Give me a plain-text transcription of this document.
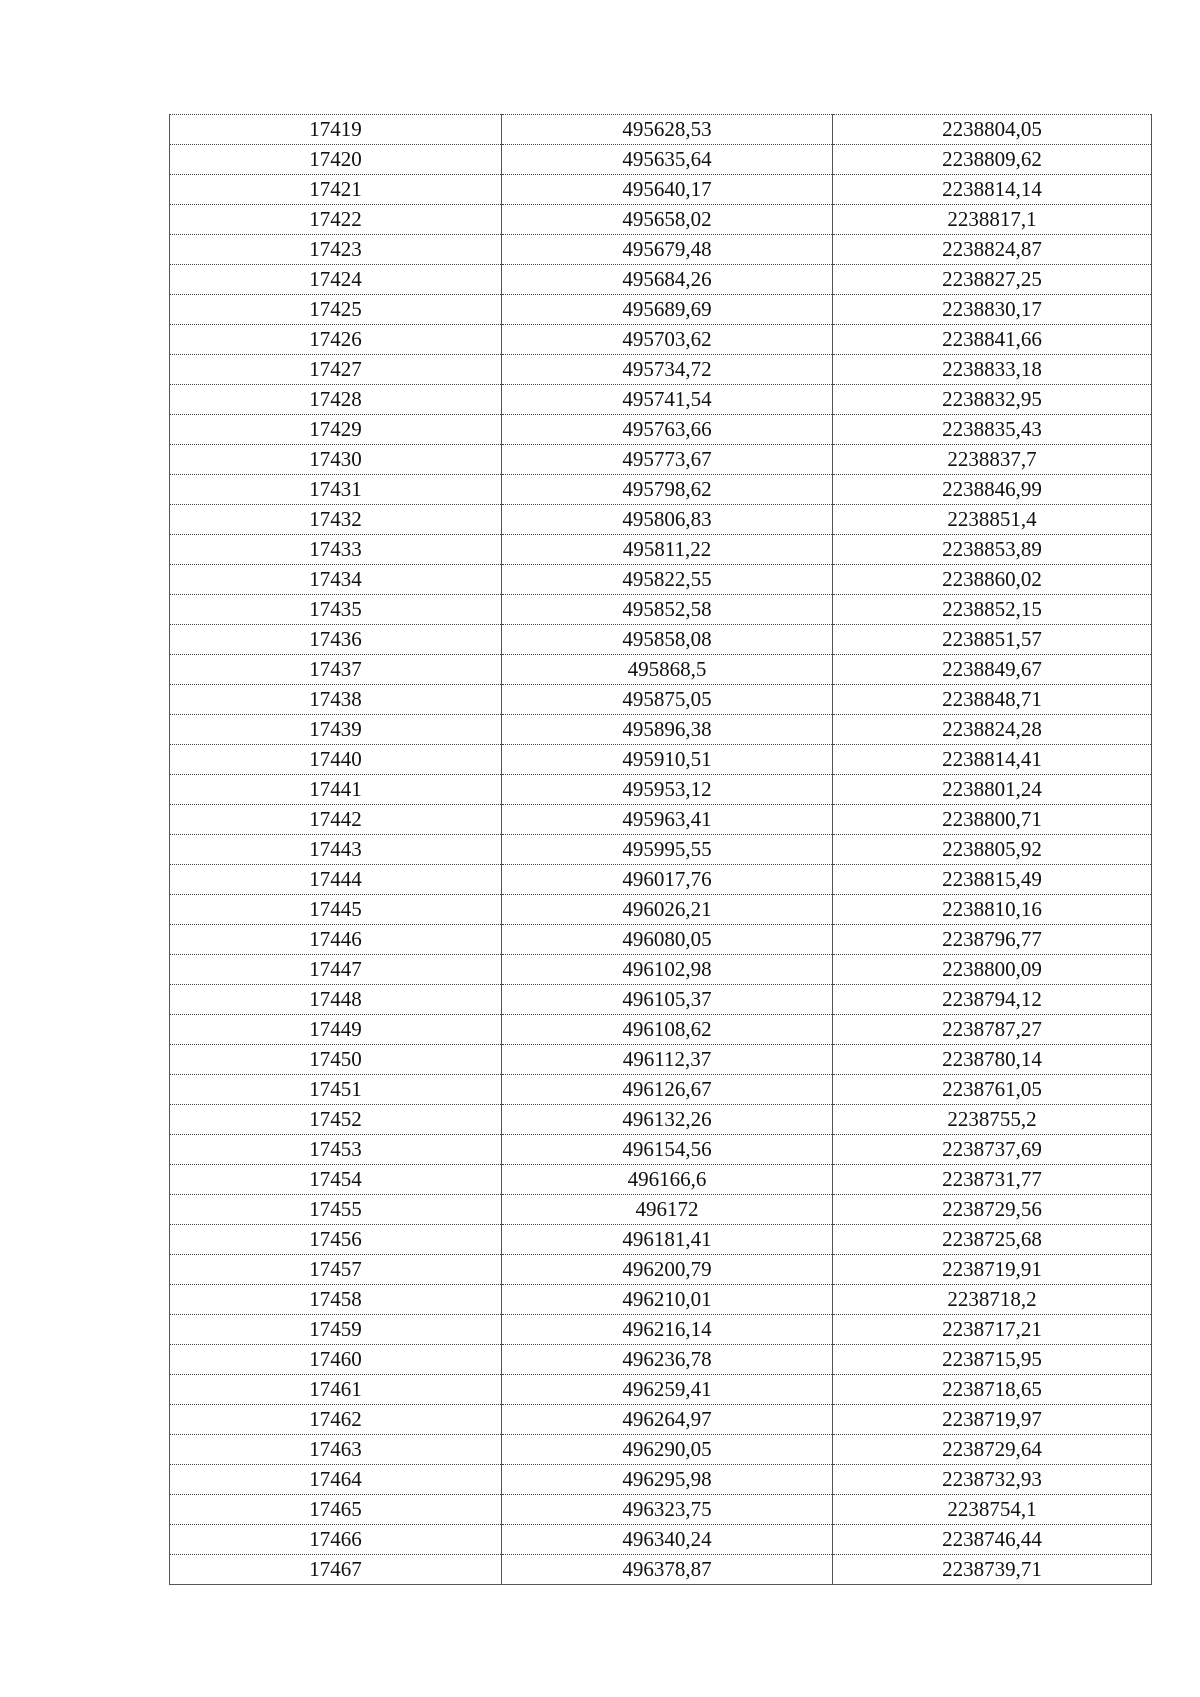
17419	495628,53	2238804,05
17420	495635,64	2238809,62
17421	495640,17	2238814,14
17422	495658,02	2238817,1
17423	495679,48	2238824,87
17424	495684,26	2238827,25
17425	495689,69	2238830,17
17426	495703,62	2238841,66
17427	495734,72	2238833,18
17428	495741,54	2238832,95
17429	495763,66	2238835,43
17430	495773,67	2238837,7
17431	495798,62	2238846,99
17432	495806,83	2238851,4
17433	495811,22	2238853,89
17434	495822,55	2238860,02
17435	495852,58	2238852,15
17436	495858,08	2238851,57
17437	495868,5	2238849,67
17438	495875,05	2238848,71
17439	495896,38	2238824,28
17440	495910,51	2238814,41
17441	495953,12	2238801,24
17442	495963,41	2238800,71
17443	495995,55	2238805,92
17444	496017,76	2238815,49
17445	496026,21	2238810,16
17446	496080,05	2238796,77
17447	496102,98	2238800,09
17448	496105,37	2238794,12
17449	496108,62	2238787,27
17450	496112,37	2238780,14
17451	496126,67	2238761,05
17452	496132,26	2238755,2
17453	496154,56	2238737,69
17454	496166,6	2238731,77
17455	496172	2238729,56
17456	496181,41	2238725,68
17457	496200,79	2238719,91
17458	496210,01	2238718,2
17459	496216,14	2238717,21
17460	496236,78	2238715,95
17461	496259,41	2238718,65
17462	496264,97	2238719,97
17463	496290,05	2238729,64
17464	496295,98	2238732,93
17465	496323,75	2238754,1
17466	496340,24	2238746,44
17467	496378,87	2238739,71
